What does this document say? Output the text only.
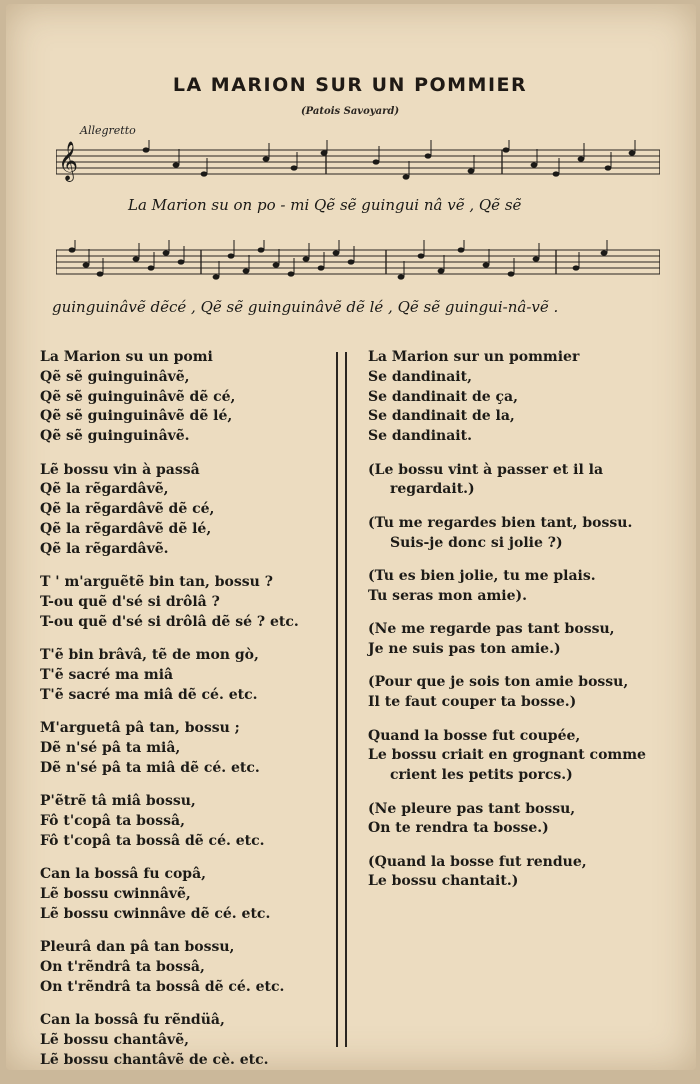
LA MARION SUR UN POMMIER
(Patois Savoyard)
Allegretto
𝄞
La Marion su on po - mi Qẽ sẽ guingui nâ vẽ , Qẽ sẽ
guinguinâvẽ dẽcé , Qẽ sẽ guinguinâvẽ dẽ lé , Qẽ sẽ guingui-nâ-vẽ .
La Marion su un pomi
Qẽ sẽ guinguinâvẽ,
Qẽ sẽ guinguinâvẽ dẽ cé,
Qẽ sẽ guinguinâvẽ dẽ lé,
Qẽ sẽ guinguinâvẽ.
Lẽ bossu vin à passâ
Qẽ la rẽgardâvẽ,
Qẽ la rẽgardâvẽ dẽ cé,
Qẽ la rẽgardâvẽ dẽ lé,
Qẽ la rẽgardâvẽ.
T ' m'arguẽtẽ bin tan, bossu ?
T-ou quẽ d'sé si drôlâ ?
T-ou quẽ d'sé si drôlâ dẽ sé ? etc.
T'ẽ bin brâvâ, tẽ de mon gò,
T'ẽ sacré ma miâ
T'ẽ sacré ma miâ dẽ cé. etc.
M'arguetâ pâ tan, bossu ;
Dẽ n'sé pâ ta miâ,
Dẽ n'sé pâ ta miâ dẽ cé. etc.
P'ẽtrẽ tâ miâ bossu,
Fô t'copâ ta bossâ,
Fô t'copâ ta bossâ dẽ cé. etc.
Can la bossâ fu copâ,
Lẽ bossu cwinnâvẽ,
Lẽ bossu cwinnâve dẽ cé. etc.
Pleurâ dan pâ tan bossu,
On t'rẽndrâ ta bossâ,
On t'rẽndrâ ta bossâ dẽ cé. etc.
Can la bossâ fu rẽndüâ,
Lẽ bossu chantâvẽ,
Lẽ bossu chantâvẽ de cè. etc.
La Marion sur un pommier
Se dandinait,
Se dandinait de ça,
Se dandinait de la,
Se dandinait.
(Le bossu vint à passer et il la
regardait.)
(Tu me regardes bien tant, bossu.
Suis-je donc si jolie ?)
(Tu es bien jolie, tu me plais.
Tu seras mon amie).
(Ne me regarde pas tant bossu,
Je ne suis pas ton amie.)
(Pour que je sois ton amie bossu,
Il te faut couper ta bosse.)
Quand la bosse fut coupée,
Le bossu criait en grognant comme
crient les petits porcs.)
(Ne pleure pas tant bossu,
On te rendra ta bosse.)
(Quand la bosse fut rendue,
Le bossu chantait.)
